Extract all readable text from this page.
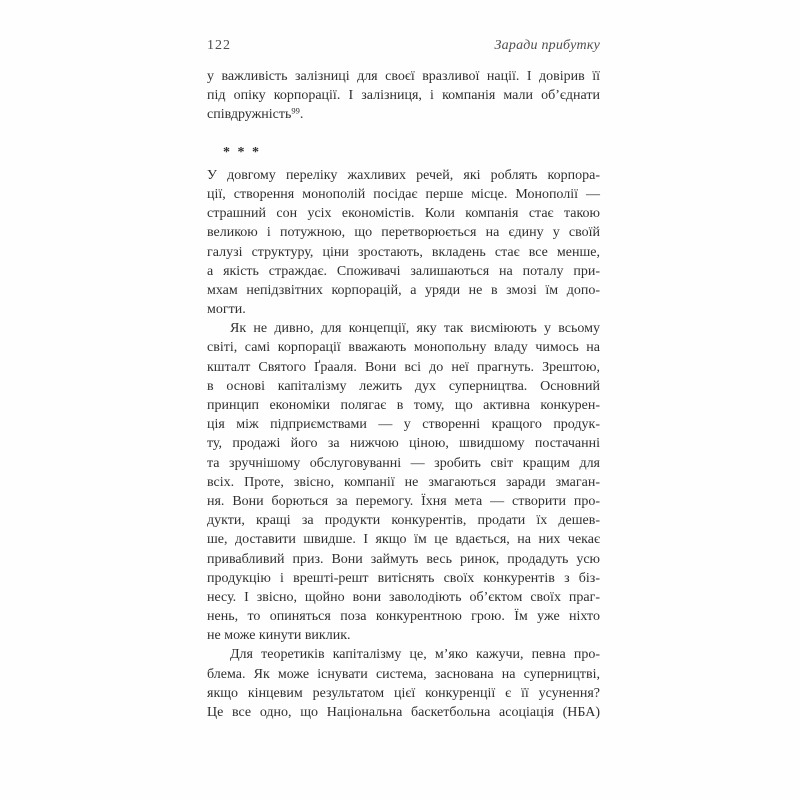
122	Заради прибутку
у важливість залізниці для своєї вразливої нації. І довірив її
під опіку корпорації. І залізниця, і компанія мали об’єднати
співдружність$^{99}$.
* * *
У довгому переліку жахливих речей, які роблять корпора-
ції, створення монополій посідає перше місце. Монополії —
страшний сон усіх економістів. Коли компанія стає такою
великою і потужною, що перетворюється на єдину у своїй
галузі структуру, ціни зростають, вкладень стає все менше,
а якість страждає. Споживачі залишаються на поталу при-
мхам непідзвітних корпорацій, а уряди не в змозі їм допо-
могти.
Як не дивно, для концепції, яку так висміюють у всьому
світі, самі корпорації вважають монопольну владу чимось на
кшталт Святого Ґрааля. Вони всі до неї прагнуть. Зрештою,
в основі капіталізму лежить дух суперництва. Основний
принцип економіки полягає в тому, що активна конкурен-
ція між підприємствами — у створенні кращого продук-
ту, продажі його за нижчою ціною, швидшому постачанні
та зручнішому обслуговуванні — зробить світ кращим для
всіх. Проте, звісно, компанії не змагаються заради змаган-
ня. Вони борються за перемогу. Їхня мета — створити про-
дукти, кращі за продукти конкурентів, продати їх дешев-
ше, доставити швидше. І якщо їм це вдається, на них чекає
привабливий приз. Вони займуть весь ринок, продадуть усю
продукцію і врешті-решт витіснять своїх конкурентів з біз-
несу. І звісно, щойно вони заволодіють об’єктом своїх праг-
нень, то опиняться поза конкурентною грою. Їм уже ніхто
не може кинути виклик.
Для теоретиків капіталізму це, м’яко кажучи, певна про-
блема. Як може існувати система, заснована на суперництві,
якщо кінцевим результатом цієї конкуренції є її усунення?
Це все одно, що Національна баскетбольна асоціація (НБА)
